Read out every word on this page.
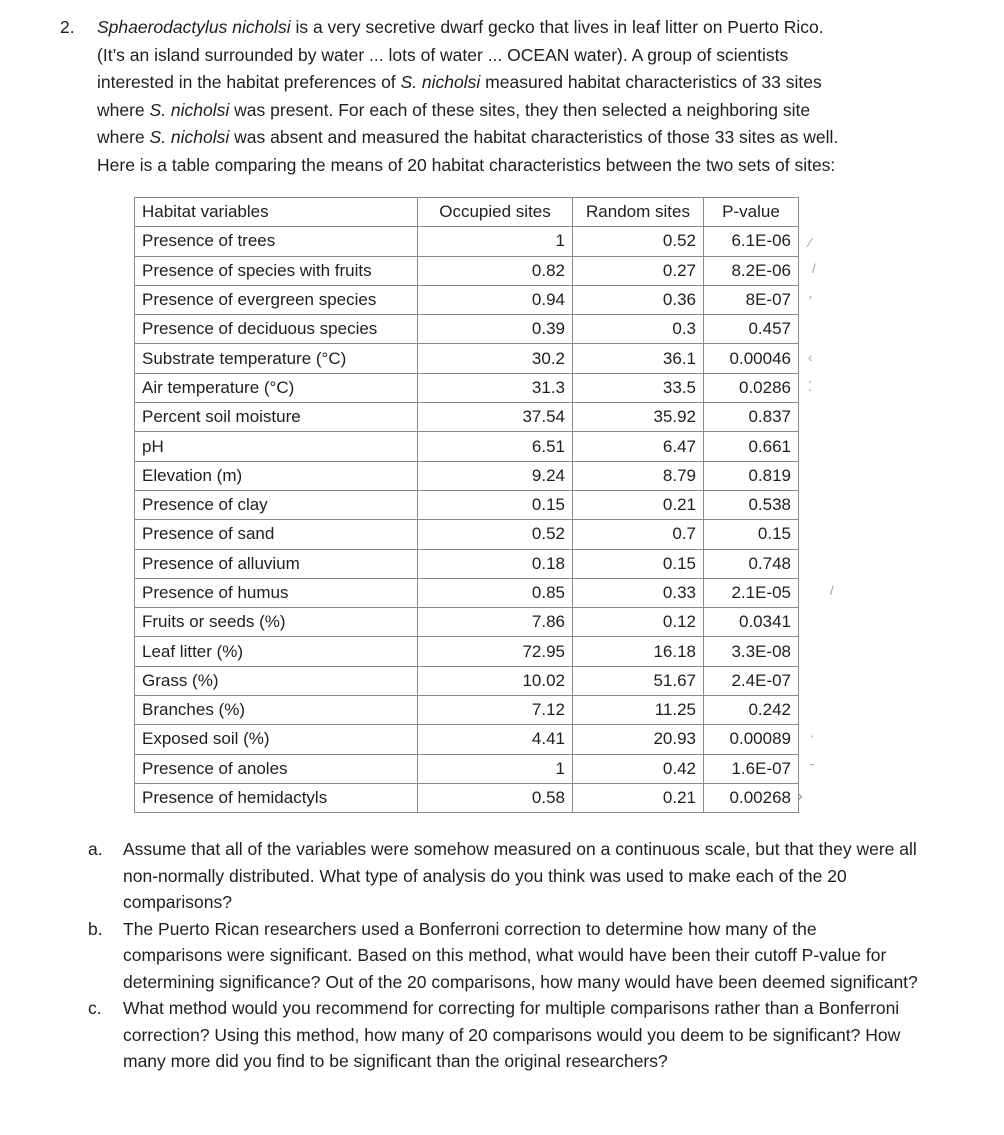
2. Sphaerodactylus nicholsi is a very secretive dwarf gecko that lives in leaf litter on Puerto Rico.
(It’s an island surrounded by water ... lots of water ... OCEAN water). A group of scientists
interested in the habitat preferences of S. nicholsi measured habitat characteristics of 33 sites
where S. nicholsi was present. For each of these sites, they then selected a neighboring site
where S. nicholsi was absent and measured the habitat characteristics of those 33 sites as well.
Here is a table comparing the means of 20 habitat characteristics between the two sets of sites:
Habitat variables	Occupied sites	Random sites	P-value
Presence of trees	1	0.52	6.1E-06
Presence of species with fruits	0.82	0.27	8.2E-06
Presence of evergreen species	0.94	0.36	8E-07
Presence of deciduous species	0.39	0.3	0.457
Substrate temperature (°C)	30.2	36.1	0.00046
Air temperature (°C)	31.3	33.5	0.0286
Percent soil moisture	37.54	35.92	0.837
pH	6.51	6.47	0.661
Elevation (m)	9.24	8.79	0.819
Presence of clay	0.15	0.21	0.538
Presence of sand	0.52	0.7	0.15
Presence of alluvium	0.18	0.15	0.748
Presence of humus	0.85	0.33	2.1E-05
Fruits or seeds (%)	7.86	0.12	0.0341
Leaf litter (%)	72.95	16.18	3.3E-08
Grass (%)	10.02	51.67	2.4E-07
Branches (%)	7.12	11.25	0.242
Exposed soil (%)	4.41	20.93	0.00089
Presence of anoles	1	0.42	1.6E-07
Presence of hemidactyls	0.58	0.21	0.00268
⁄
/
′
‹
⁚
/
·
-
›
a. Assume that all of the variables were somehow measured on a continuous scale, but that they were all non-normally distributed. What type of analysis do you think was used to make each of the 20 comparisons?
b. The Puerto Rican researchers used a Bonferroni correction to determine how many of the comparisons were significant. Based on this method, what would have been their cutoff P-value for determining significance? Out of the 20 comparisons, how many would have been deemed significant?
c. What method would you recommend for correcting for multiple comparisons rather than a Bonferroni correction? Using this method, how many of 20 comparisons would you deem to be significant? How many more did you find to be significant than the original researchers?
